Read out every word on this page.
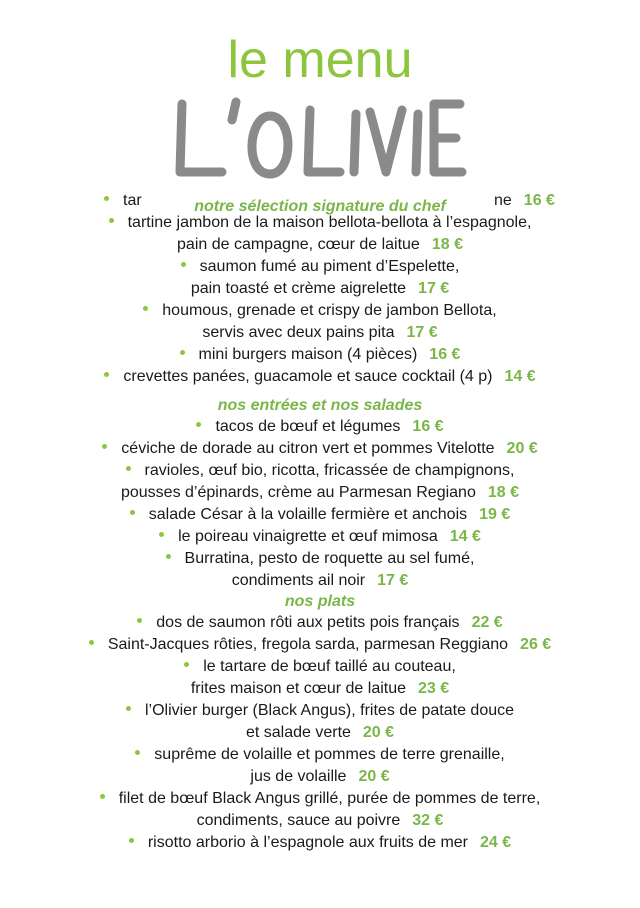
le menu
tar	notre sélection signature du chef	ne 16 €
tartine jambon de la maison bellota-bellota à l’espagnole,
pain de campagne, cœur de laitue 18 €
saumon fumé au piment d’Espelette,
pain toasté et crème aigrelette 17 €
houmous, grenade et crispy de jambon Bellota,
servis avec deux pains pita 17 €
mini burgers maison (4 pièces) 16 €
crevettes panées, guacamole et sauce cocktail (4 p) 14 €
nos entrées et nos salades
tacos de bœuf et légumes 16 €
céviche de dorade au citron vert et pommes Vitelotte 20 €
ravioles, œuf bio, ricotta, fricassée de champignons,
pousses d’épinards, crème au Parmesan Regiano 18 €
salade César à la volaille fermière et anchois 19 €
le poireau vinaigrette et œuf mimosa 14 €
Burratina, pesto de roquette au sel fumé,
condiments ail noir 17 €
nos plats
dos de saumon rôti aux petits pois français 22 €
Saint-Jacques rôties, fregola sarda, parmesan Reggiano 26 €
le tartare de bœuf taillé au couteau,
frites maison et cœur de laitue 23 €
l’Olivier burger (Black Angus), frites de patate douce
et salade verte 20 €
suprême de volaille et pommes de terre grenaille,
jus de volaille 20 €
filet de bœuf Black Angus grillé, purée de pommes de terre,
condiments, sauce au poivre 32 €
risotto arborio à l’espagnole aux fruits de mer 24 €
